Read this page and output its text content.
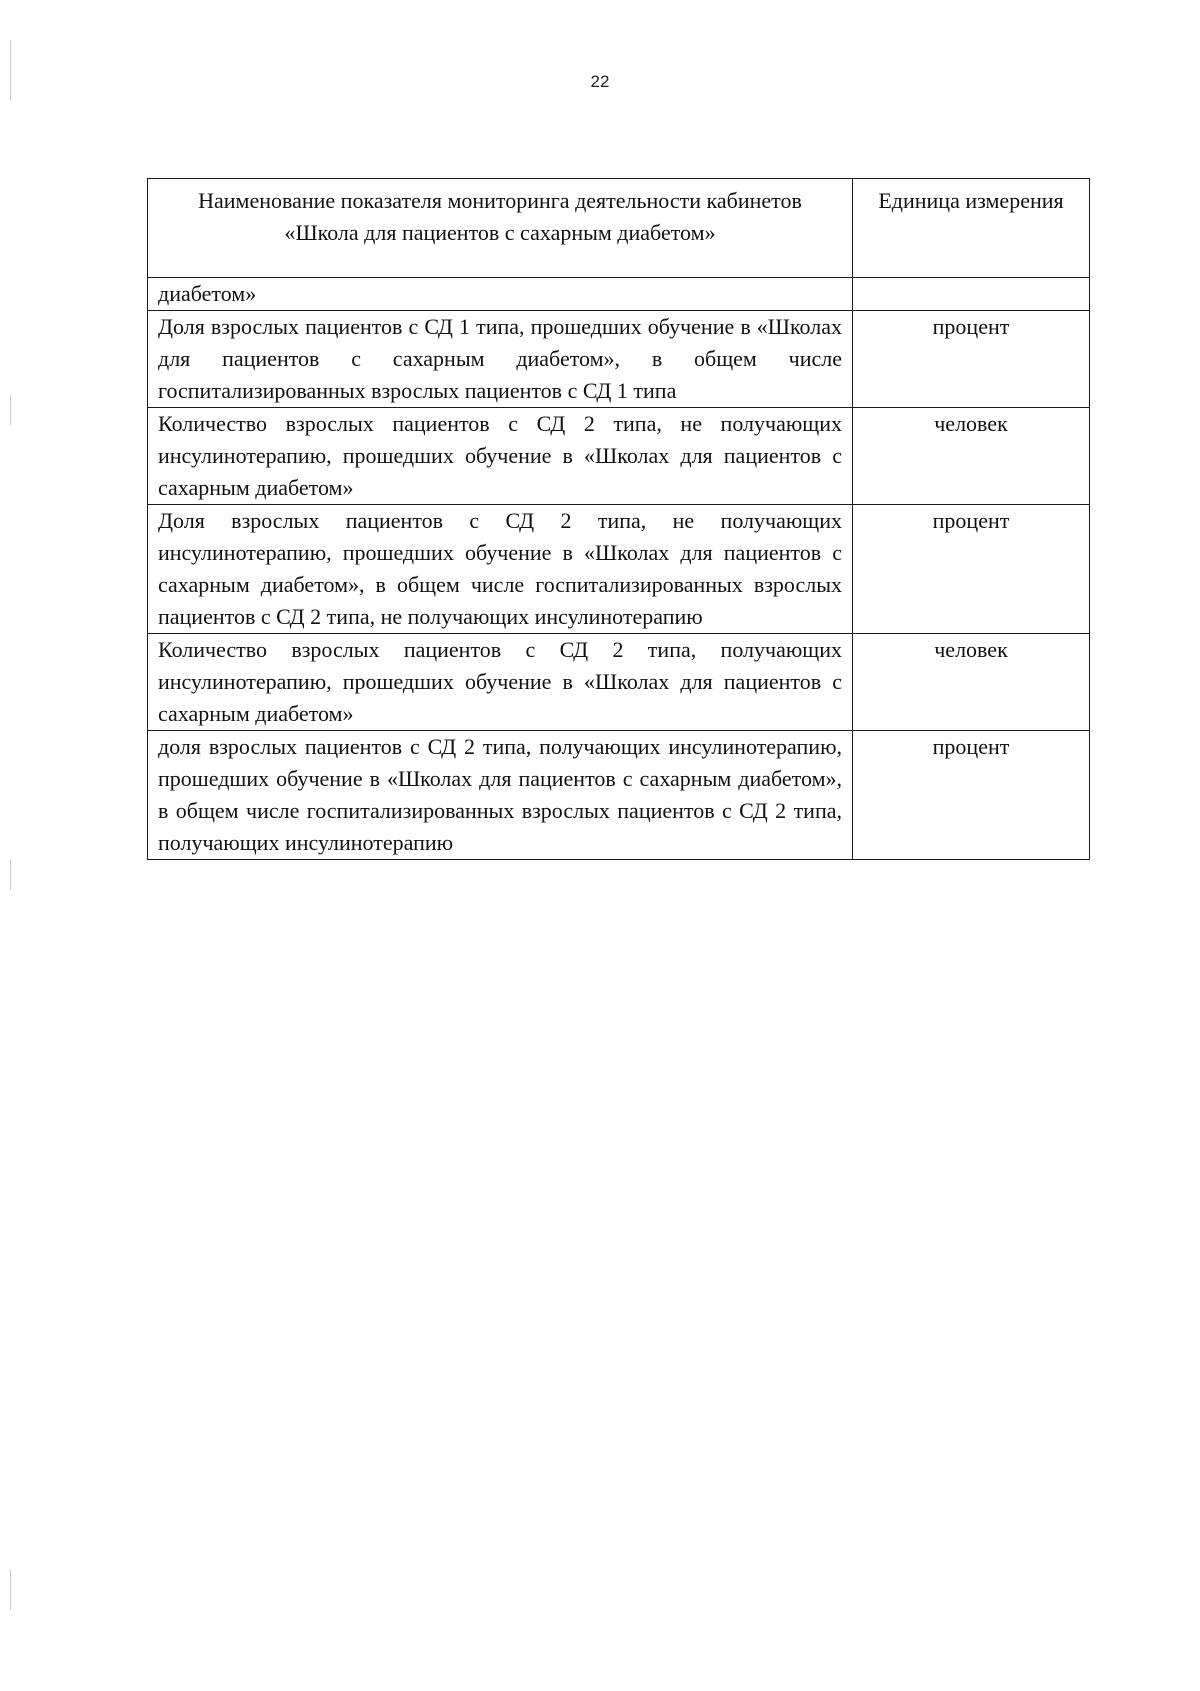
22
Наименование показателя мониторинга деятельности кабинетов «Школа для пациентов с сахарным диабетом»	Единица измерения
диабетом»	
Доля взрослых пациентов с СД 1 типа, прошедших обучение в «Школах для пациентов с сахарным диабетом», в общем числе госпитализированных взрослых пациентов с СД 1 типа	процент
Количество взрослых пациентов с СД 2 типа, не получающих инсулинотерапию, прошедших обучение в «Школах для пациентов с сахарным диабетом»	человек
Доля взрослых пациентов с СД 2 типа, не получающих инсулинотерапию, прошедших обучение в «Школах для пациентов с сахарным диабетом», в общем числе госпитализированных взрослых пациентов с СД 2 типа, не получающих инсулинотерапию	процент
Количество взрослых пациентов с СД 2 типа, получающих инсулинотерапию, прошедших обучение в «Школах для пациентов с сахарным диабетом»	человек
доля взрослых пациентов с СД 2 типа, получающих инсулинотерапию, прошедших обучение в «Школах для пациентов с сахарным диабетом», в общем числе госпитализированных взрослых пациентов с СД 2 типа, получающих инсулинотерапию	процент
